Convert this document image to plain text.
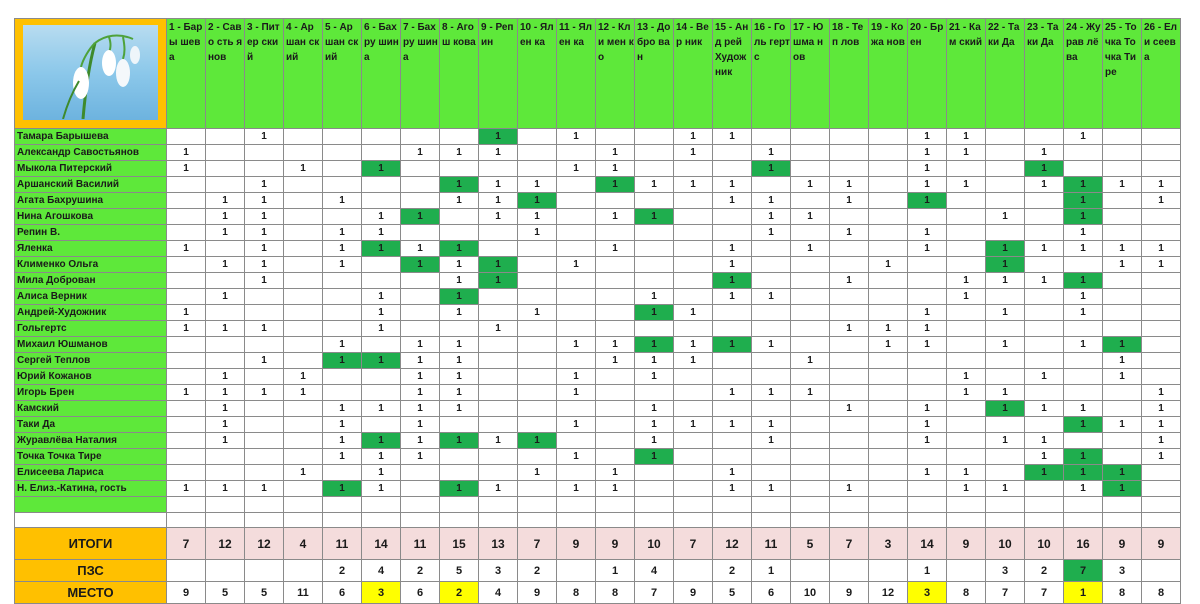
	1 - Бары шева	2 - Саво сть янов	3 - Питер ский	4 - Аршан ский	5 - Аршан ский	6 - Бахру шина	7 - Бахру шина	8 - Агош кова	9 - Репин	10 - Ялен ка	11 - Ялен ка	12 - Кли мен ко	13 - Добро ван	14 - Вер ник	15 - Анд рей Худож ник	16 - Голь гертс	17 - Юшма нов	18 - Теп лов	19 - Кожа нов	20 - Брен	21 - Кам ский	22 - Таки Да	23 - Таки Да	24 - Журав лёва	25 - Точка Точка Тире	26 - Ели сеева
Тамара Барышева			1						1		1			1	1					1	1			1		
Александр Савостьянов	1						1	1	1			1		1		1				1	1		1			
Мыкола Питерский	1			1		1					1	1				1				1			1			
Аршанский Василий			1					1	1	1		1	1	1	1		1	1		1	1		1	1	1	1
Агата Бахрушина		1	1		1			1	1	1					1	1		1		1				1		1
Нина Агошкова		1	1			1	1		1	1		1	1			1	1					1		1		
Репин В.		1	1		1	1				1						1		1		1				1		
Яленка	1		1		1	1	1	1				1			1		1			1		1	1	1	1	1
Клименко Ольга		1	1		1		1	1	1		1				1				1			1			1	1
Мила Доброван			1					1	1						1			1			1	1	1	1		
Алиса Верник		1				1		1					1		1	1					1			1		
Андрей-Художник	1					1		1		1			1	1						1		1		1		
Гольгертс	1	1	1			1			1									1	1	1						
Михаил Юшманов					1		1	1			1	1	1	1	1	1			1	1		1		1	1	
Сергей Теплов			1		1	1	1	1				1	1	1			1								1	
Юрий Кожанов		1		1			1	1			1		1								1		1		1	
Игорь Брен	1	1	1	1			1	1			1				1	1	1				1	1				1
Камский		1			1	1	1	1					1					1		1		1	1	1		1
Таки Да		1			1		1				1		1	1	1	1				1				1	1	1
Журавлёва Наталия		1			1	1	1	1	1	1			1			1				1		1	1			1
Точка Точка Тире					1	1	1				1		1										1	1		1
Елисеева Лариса				1		1				1		1			1					1	1		1	1	1	
Н. Елиз.-Катина, гость	1	1	1		1	1		1	1		1	1			1	1		1			1	1		1	1	

ИТОГИ	7	12	12	4	11	14	11	15	13	7	9	9	10	7	12	11	5	7	3	14	9	10	10	16	9	9
ПЗС					2	4	2	5	3	2		1	4		2	1				1		3	2	7	3	
МЕСТО	9	5	5	11	6	3	6	2	4	9	8	8	7	9	5	6	10	9	12	3	8	7	7	1	8	8
